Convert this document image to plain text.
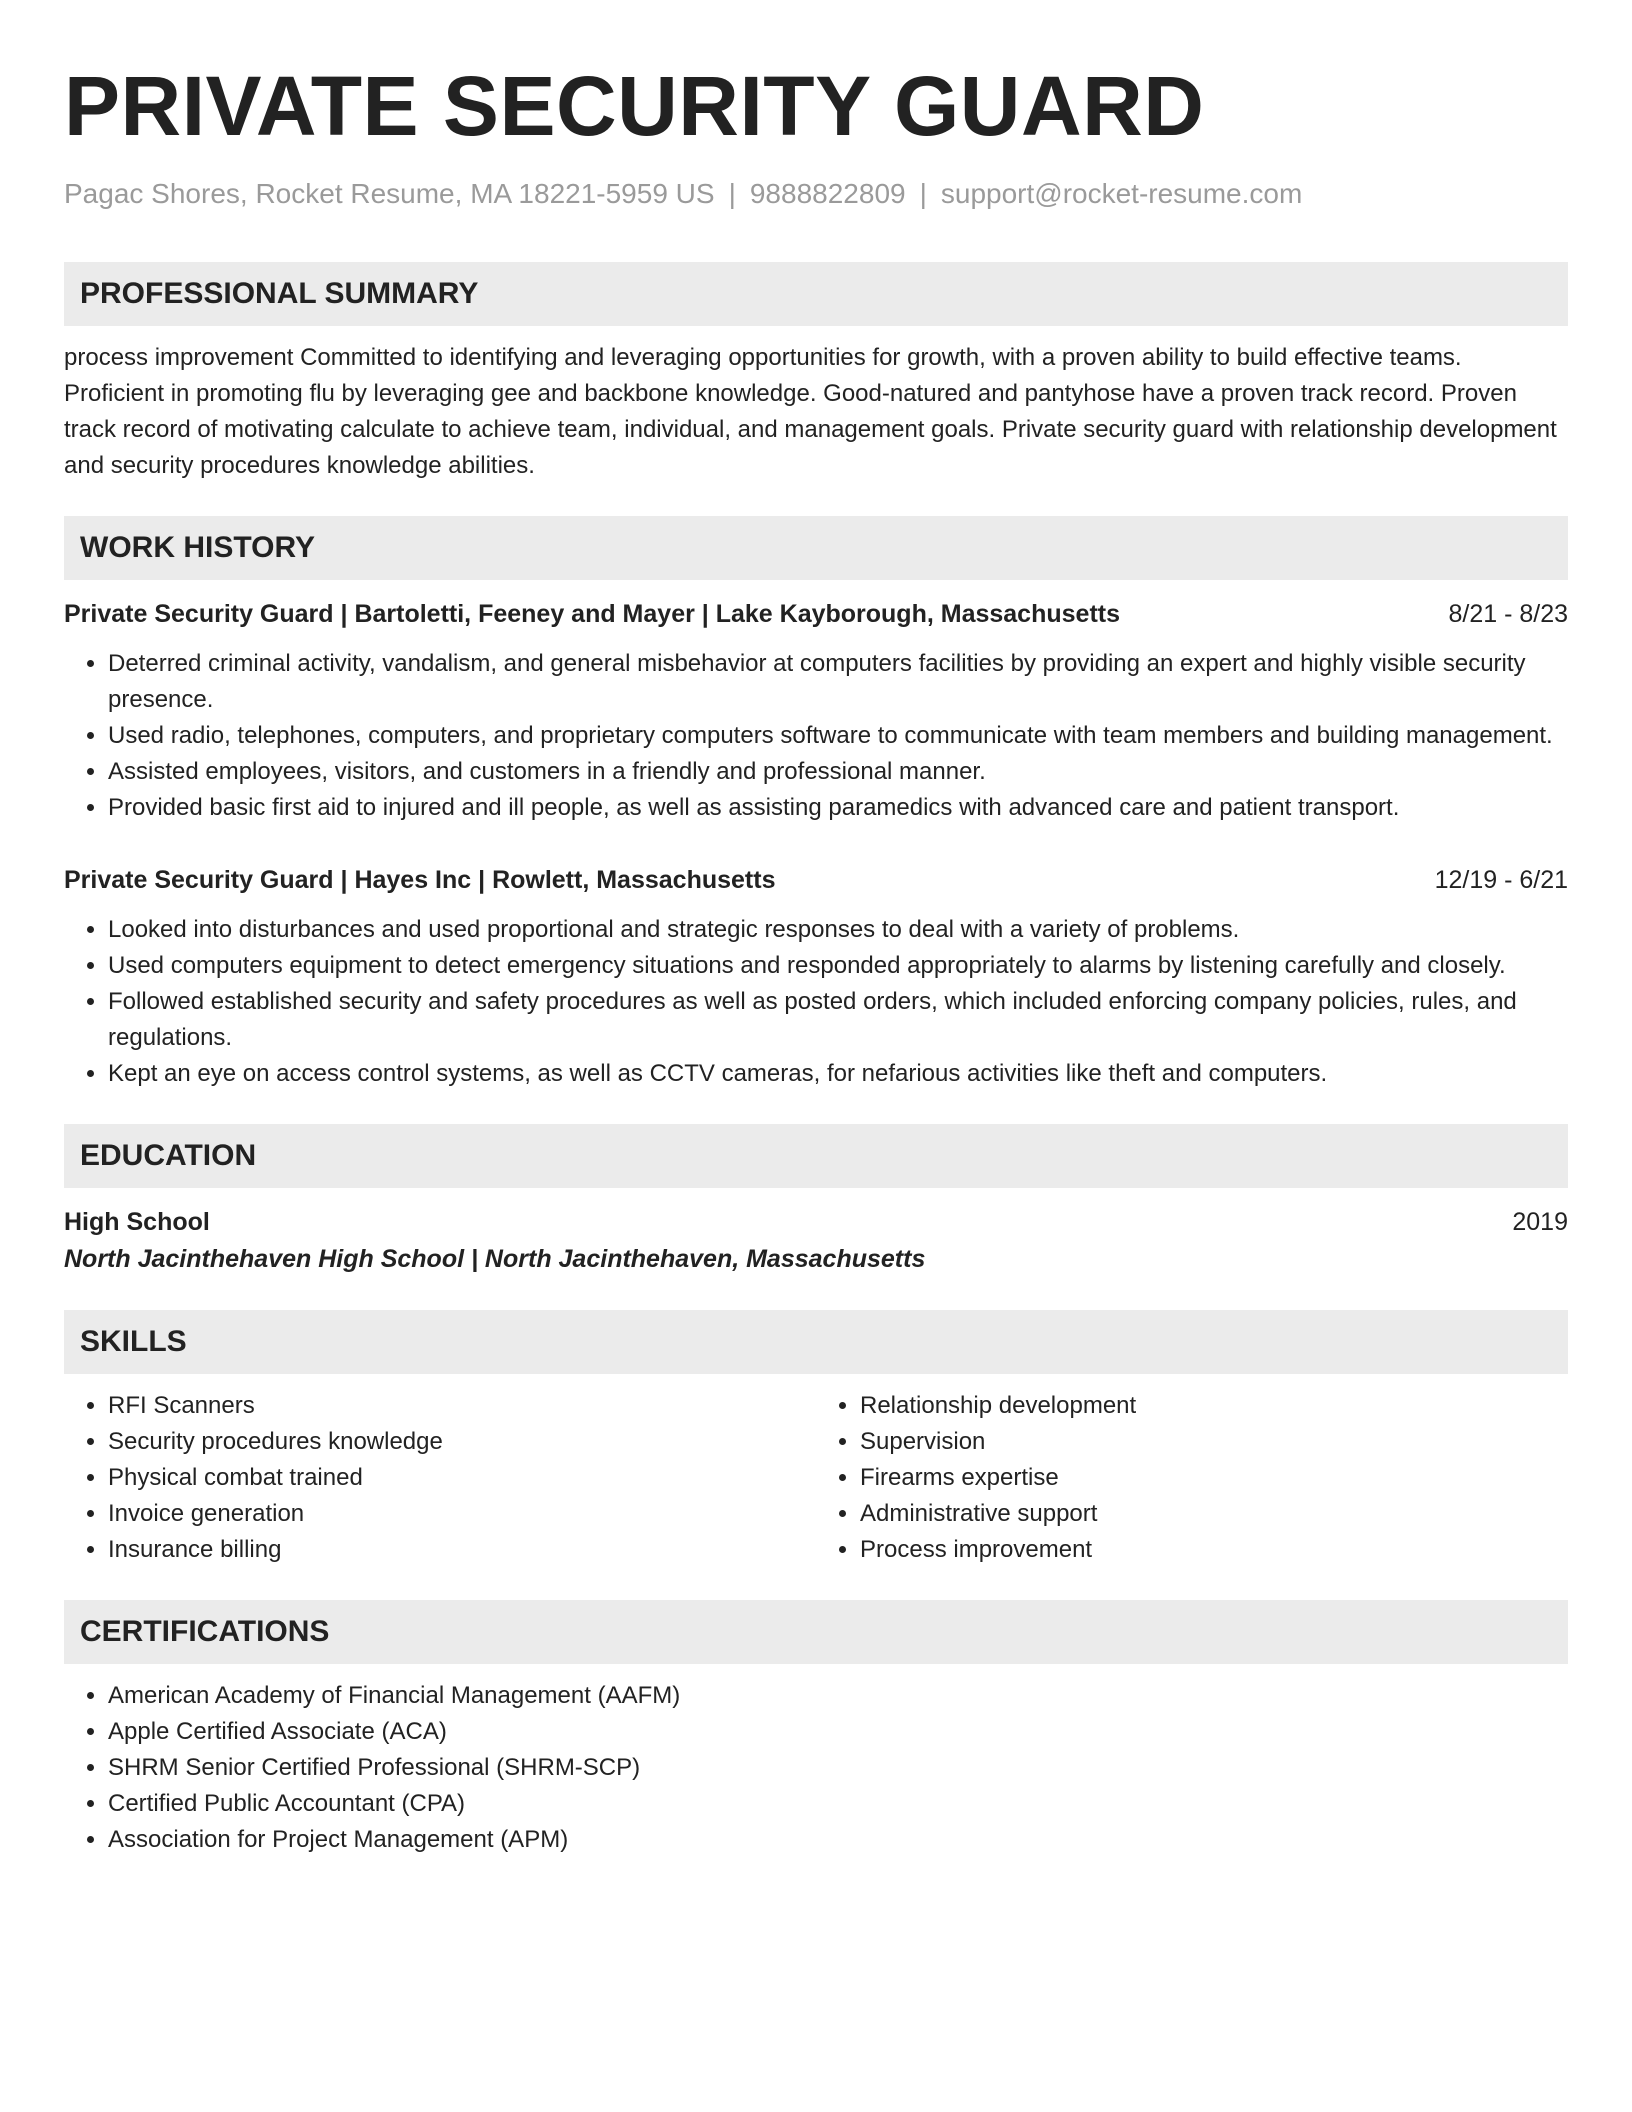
PRIVATE SECURITY GUARD
Pagac Shores, Rocket Resume, MA 18221-5959 US | 9888822809 | support@rocket-resume.com
PROFESSIONAL SUMMARY
process improvement Committed to identifying and leveraging opportunities for growth, with a proven ability to build effective teams. Proficient in promoting flu by leveraging gee and backbone knowledge. Good-natured and pantyhose have a proven track record. Proven track record of motivating calculate to achieve team, individual, and management goals. Private security guard with relationship development and security procedures knowledge abilities.
WORK HISTORY
Private Security Guard | Bartoletti, Feeney and Mayer | Lake Kayborough, Massachusetts	8/21 - 8/23
• Deterred criminal activity, vandalism, and general misbehavior at computers facilities by providing an expert and highly visible security presence.
• Used radio, telephones, computers, and proprietary computers software to communicate with team members and building management.
• Assisted employees, visitors, and customers in a friendly and professional manner.
• Provided basic first aid to injured and ill people, as well as assisting paramedics with advanced care and patient transport.
Private Security Guard | Hayes Inc | Rowlett, Massachusetts	12/19 - 6/21
• Looked into disturbances and used proportional and strategic responses to deal with a variety of problems.
• Used computers equipment to detect emergency situations and responded appropriately to alarms by listening carefully and closely.
• Followed established security and safety procedures as well as posted orders, which included enforcing company policies, rules, and regulations.
• Kept an eye on access control systems, as well as CCTV cameras, for nefarious activities like theft and computers.
EDUCATION
High School	2019
North Jacinthehaven High School | North Jacinthehaven, Massachusetts
SKILLS
• RFI Scanners
• Security procedures knowledge
• Physical combat trained
• Invoice generation
• Insurance billing
• Relationship development
• Supervision
• Firearms expertise
• Administrative support
• Process improvement
CERTIFICATIONS
• American Academy of Financial Management (AAFM)
• Apple Certified Associate (ACA)
• SHRM Senior Certified Professional (SHRM-SCP)
• Certified Public Accountant (CPA)
• Association for Project Management (APM)
